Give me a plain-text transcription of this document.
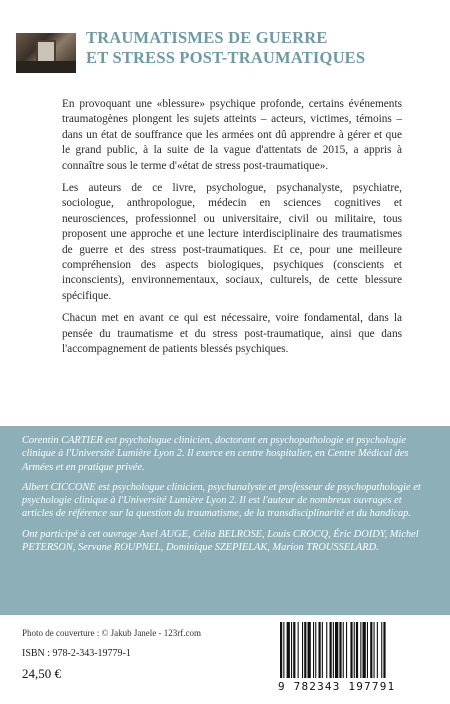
TRAUMATISMES DE GUERRE
ET STRESS POST-TRAUMATIQUES

En provoquant une «blessure» psychique profonde, certains événements traumatogènes plongent les sujets atteints – acteurs, victimes, témoins – dans un état de souffrance que les armées ont dû apprendre à gérer et que le grand public, à la suite de la vague d'attentats de 2015, a appris à connaître sous le terme d'«état de stress post-traumatique».

Les auteurs de ce livre, psychologue, psychanalyste, psychiatre, sociologue, anthropologue, médecin en sciences cognitives et neurosciences, professionnel ou universitaire, civil ou militaire, tous proposent une approche et une lecture interdisciplinaire des traumatismes de guerre et des stress post-traumatiques. Et ce, pour une meilleure compréhension des aspects biologiques, psychiques (conscients et inconscients), environnementaux, sociaux, culturels, de cette blessure spécifique.

Chacun met en avant ce qui est nécessaire, voire fondamental, dans la pensée du traumatisme et du stress post-traumatique, ainsi que dans l'accompagnement de patients blessés psychiques.

Corentin CARTIER est psychologue clinicien, doctorant en psychopathologie et psychologie clinique à l'Université Lumière Lyon 2. Il exerce en centre hospitalier, en Centre Médical des Armées et en pratique privée.

Albert CICCONE est psychologue clinicien, psychanalyste et professeur de psychopathologie et psychologie clinique à l'Université Lumière Lyon 2. Il est l'auteur de nombreux ouvrages et articles de référence sur la question du traumatisme, de la transdisciplinarité et du handicap.

Ont participé à cet ouvrage Axel AUGE, Célia BELROSE, Louis CROCQ, Éric DOIDY, Michel PETERSON, Servane ROUPNEL, Dominique SZEPIELAK, Marion TROUSSELARD.

Photo de couverture : © Jakub Janele - 123rf.com
ISBN : 978-2-343-19779-1
24,50 €
9 782343 197791
